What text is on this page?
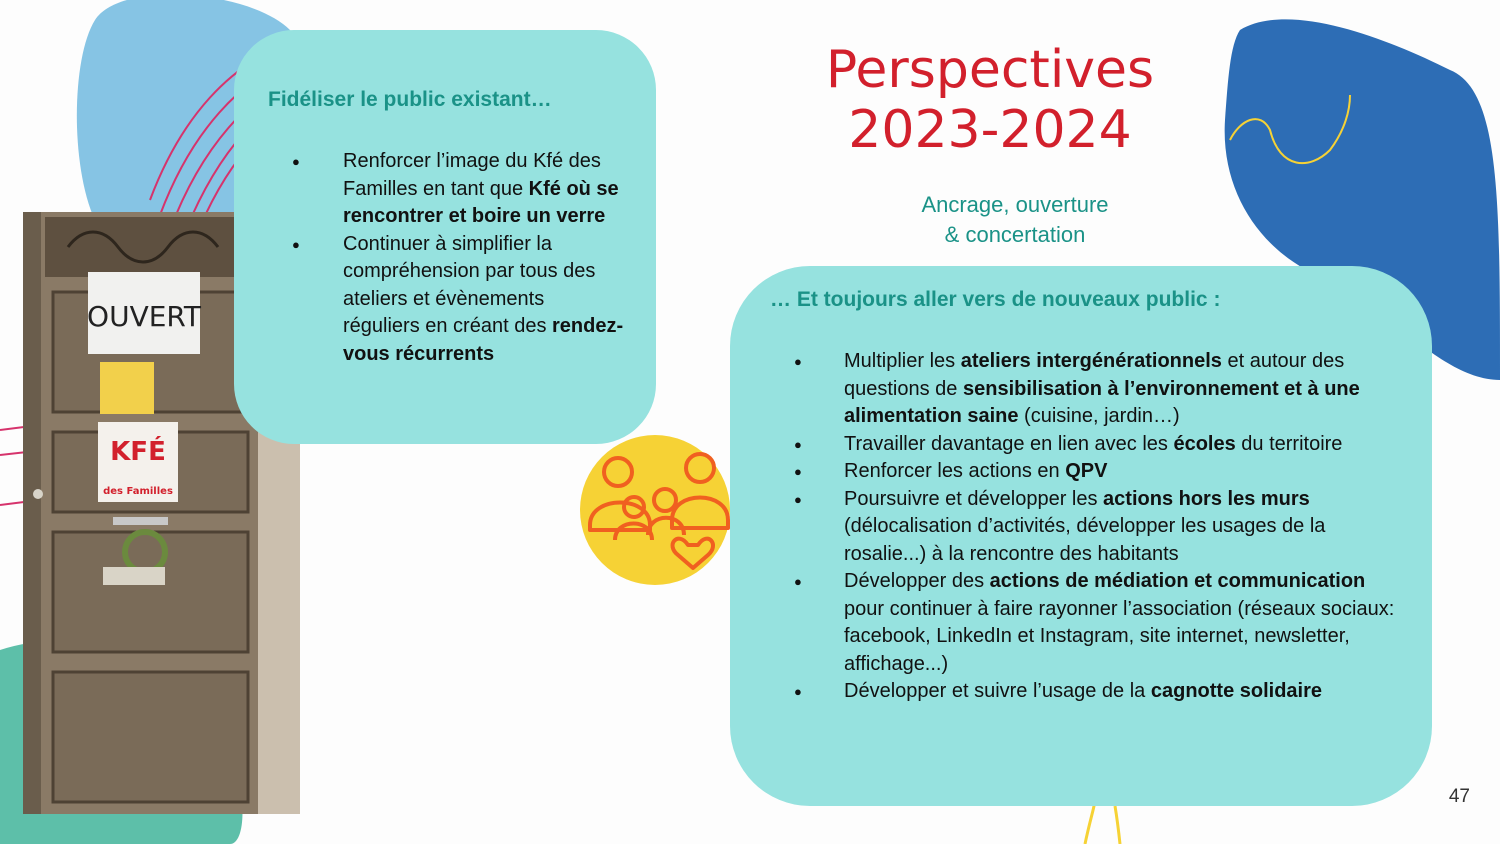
OUVERT
KFÉ
des Familles
Perspectives
2023-2024
Ancrage, ouverture
& concertation
Fidéliser le public existant…
● Renforcer l’image du Kfé des Familles en tant que Kfé où se rencontrer et boire un verre
● Continuer à simplifier la compréhension par tous des ateliers et évènements réguliers en créant des rendez-vous récurrents
… Et toujours aller vers de nouveaux public :
● Multiplier les ateliers intergénérationnels et autour des questions de sensibilisation à l’environnement et à une alimentation saine (cuisine, jardin…)
● Travailler davantage en lien avec les écoles du territoire
● Renforcer les actions en QPV
● Poursuivre et développer les actions hors les murs (délocalisation d’activités, développer les usages de la rosalie...) à la rencontre des habitants
● Développer des actions de médiation et communication pour continuer à faire rayonner l’association (réseaux sociaux: facebook, LinkedIn et Instagram, site internet, newsletter, affichage...)
● Développer et suivre l’usage de la cagnotte solidaire
47
